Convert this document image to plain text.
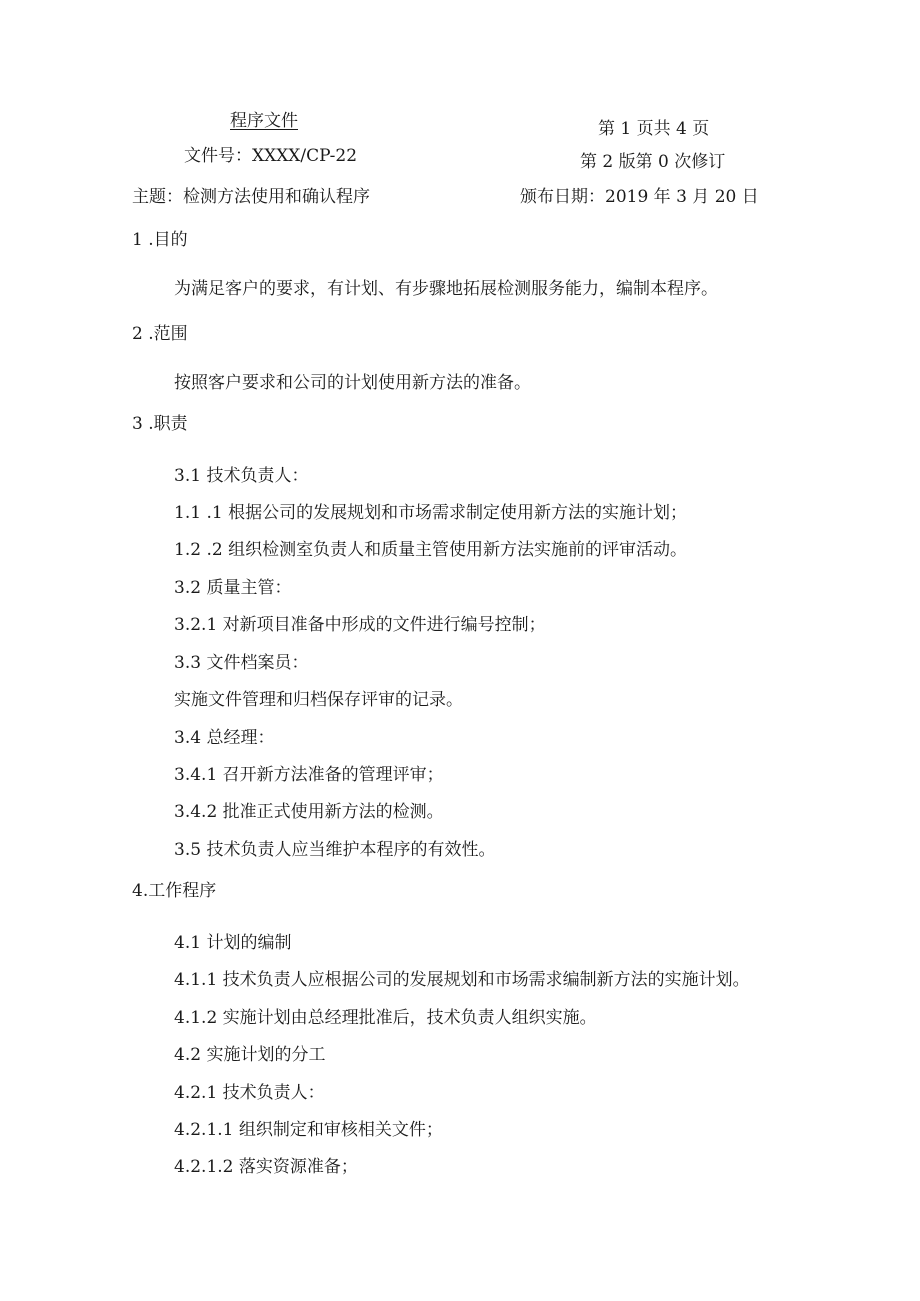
程序文件
文件号：XXXX/CP-22
主题：检测方法使用和确认程序
第 1 页共 4 页
第 2 版第 0 次修订
颁布日期：2019 年 3 月 20 日
1 .目的
为满足客户的要求，有计划、有步骤地拓展检测服务能力，编制本程序。
2 .范围
按照客户要求和公司的计划使用新方法的准备。
3 .职责
3.1 技术负责人：
1.1 .1 根据公司的发展规划和市场需求制定使用新方法的实施计划；
1.2 .2 组织检测室负责人和质量主管使用新方法实施前的评审活动。
3.2 质量主管：
3.2.1 对新项目准备中形成的文件进行编号控制；
3.3 文件档案员：
实施文件管理和归档保存评审的记录。
3.4 总经理：
3.4.1 召开新方法准备的管理评审；
3.4.2 批准正式使用新方法的检测。
3.5 技术负责人应当维护本程序的有效性。
4.工作程序
4.1 计划的编制
4.1.1 技术负责人应根据公司的发展规划和市场需求编制新方法的实施计划。
4.1.2 实施计划由总经理批准后，技术负责人组织实施。
4.2 实施计划的分工
4.2.1 技术负责人：
4.2.1.1 组织制定和审核相关文件；
4.2.1.2 落实资源准备；
